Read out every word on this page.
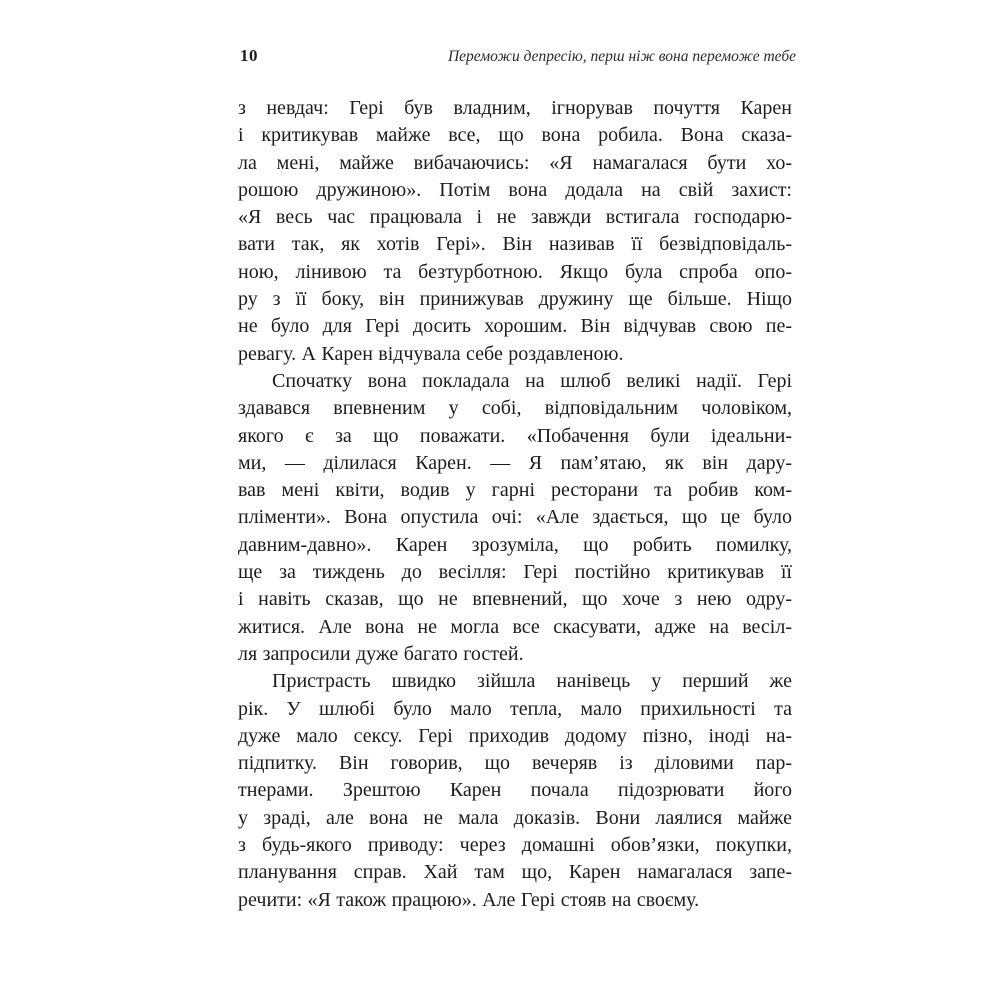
10	Переможи депресію, перш ніж вона переможе тебе
з невдач: Гері був владним, ігнорував почуття Карен
і критикував майже все, що вона робила. Вона сказа-
ла мені, майже вибачаючись: «Я намагалася бути хо-
рошою дружиною». Потім вона додала на свій захист:
«Я весь час працювала і не завжди встигала господарю-
вати так, як хотів Гері». Він називав її безвідповідаль-
ною, лінивою та безтурботною. Якщо була спроба опо-
ру з її боку, він принижував дружину ще більше. Ніщо
не було для Гері досить хорошим. Він відчував свою пе-
ревагу. А Карен відчувала себе роздавленою.
Спочатку вона покладала на шлюб великі надії. Гері
здавався впевненим у собі, відповідальним чоловіком,
якого є за що поважати. «Побачення були ідеальни-
ми, — ділилася Карен. — Я пам’ятаю, як він дару-
вав мені квіти, водив у гарні ресторани та робив ком-
пліменти». Вона опустила очі: «Але здається, що це було
давним-давно». Карен зрозуміла, що робить помилку,
ще за тиждень до весілля: Гері постійно критикував її
і навіть сказав, що не впевнений, що хоче з нею одру-
житися. Але вона не могла все скасувати, адже на весіл-
ля запросили дуже багато гостей.
Пристрасть швидко зійшла нанівець у перший же
рік. У шлюбі було мало тепла, мало прихильності та
дуже мало сексу. Гері приходив додому пізно, іноді на-
підпитку. Він говорив, що вечеряв із діловими пар-
тнерами. Зрештою Карен почала підозрювати його
у зраді, але вона не мала доказів. Вони лаялися майже
з будь-якого приводу: через домашні обов’язки, покупки,
планування справ. Хай там що, Карен намагалася запе-
речити: «Я також працюю». Але Гері стояв на своєму.
